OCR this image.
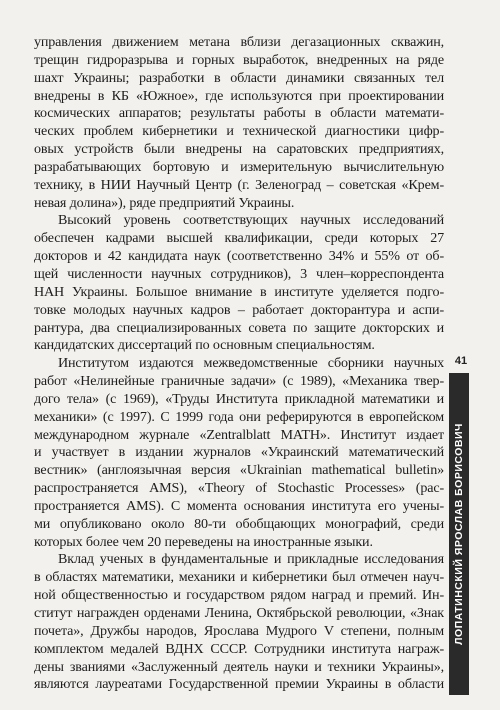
управления движением метана вблизи дегазационных скважин,
трещин гидроразрыва и горных выработок, внедренных на ряде
шахт Украины; разработки в области динамики связанных тел
внедрены в КБ «Южное», где используются при проектировании
космических аппаратов; результаты работы в области математи-
ческих проблем кибернетики и технической диагностики цифр-
овых устройств были внедрены на саратовских предприятиях,
разрабатывающих бортовую и измерительную вычислительную
технику, в НИИ Научный Центр (г. Зеленоград – советская «Крем-
невая долина»), ряде предприятий Украины.
Высокий уровень соответствующих научных исследований
обеспечен кадрами высшей квалификации, среди которых 27
докторов и 42 кандидата наук (соответственно 34% и 55% от об-
щей численности научных сотрудников), 3 член–корреспондента
НАН Украины. Большое внимание в институте уделяется подго-
товке молодых научных кадров – работает докторантура и аспи-
рантура, два специализированных совета по защите докторских и
кандидатских диссертаций по основным специальностям.
Институтом издаются межведомственные сборники научных
работ «Нелинейные граничные задачи» (с 1989), «Механика твер-
дого тела» (с 1969), «Труды Института прикладной математики и
механики» (с 1997). С 1999 года они реферируются в европейском
международном журнале «Zentralblatt MATH». Институт издает
и участвует в издании журналов «Украинский математический
вестник» (англоязычная версия «Ukrainian mathematical bulletin»
распространяется AMS), «Theory of Stochastic Processes» (рас-
пространяется AMS). С момента основания института его учены-
ми опубликовано около 80-ти обобщающих монографий, среди
которых более чем 20 переведены на иностранные языки.
Вклад ученых в фундаментальные и прикладные исследования
в областях математики, механики и кибернетики был отмечен науч-
ной общественностью и государством рядом наград и премий. Ин-
ститут награжден орденами Ленина, Октябрьской революции, «Знак
почета», Дружбы народов, Ярослава Мудрого V степени, полным
комплектом медалей ВДНХ СССР. Сотрудники института награж-
дены званиями «Заслуженный деятель науки и техники Украины»,
являются лауреатами Государственной премии Украины в области
41
ЛОПАТИНСКИЙ ЯРОСЛАВ БОРИСОВИЧ
